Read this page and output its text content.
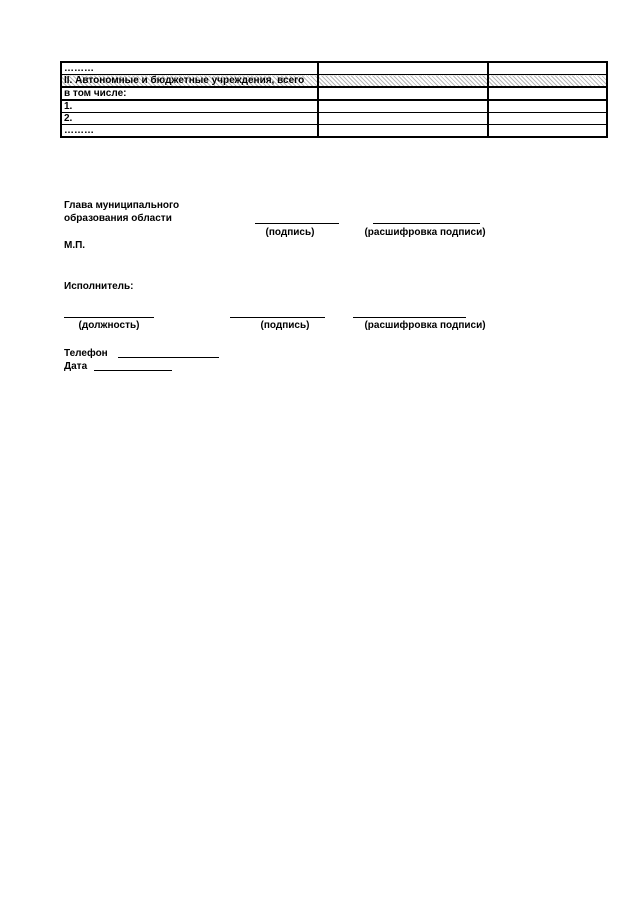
………		
II. Автономные и бюджетные учреждения, всего		
в том числе:		
1.		
2.		
………		
Глава муниципального
образования области
(подпись)	(расшифровка подписи)
М.П.
Исполнитель:
(должность)	(подпись)	(расшифровка подписи)
Телефон
Дата
